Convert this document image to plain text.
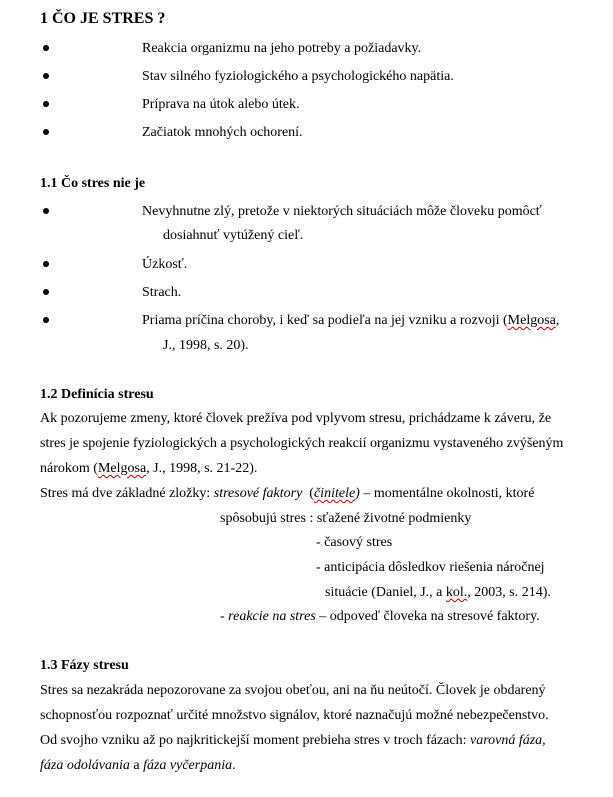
1 ČO JE STRES ?
Reakcia organizmu na jeho potreby a požiadavky.
Stav silného fyziologického a psychologického napätia.
Príprava na útok alebo útek.
Začiatok mnohých ochorení.
1.1 Čo stres nie je
Nevyhnutne zlý, pretože v niektorých situáciách môže človeku pomôcť
dosiahnuť vytúžený cieľ.
Úzkosť.
Strach.
Priama príčina choroby, i keď sa podieľa na jej vzniku a rozvoji (Melgosa,
J., 1998, s. 20).
1.2 Definícia stresu
Ak pozorujeme zmeny, ktoré človek prežíva pod vplyvom stresu, prichádzame k záveru, že
stres je spojenie fyziologických a psychologických reakcií organizmu vystaveného zvýšeným
nárokom (Melgosa, J., 1998, s. 21-22).
Stres má dve základné zložky: stresové faktory (činitele) – momentálne okolnosti, ktoré
spôsobujú stres : sťažené životné podmienky
- časový stres
- anticipácia dôsledkov riešenia náročnej
situácie (Daniel, J., a kol., 2003, s. 214).
- reakcie na stres – odpoveď človeka na stresové faktory.
1.3 Fázy stresu
Stres sa nezakráda nepozorovane za svojou obeťou, ani na ňu neútočí. Človek je obdarený
schopnosťou rozpoznať určité množstvo signálov, ktoré naznačujú možné nebezpečenstvo.
Od svojho vzniku až po najkritickejší moment prebieha stres v troch fázach: varovná fáza,
fáza odolávania a fáza vyčerpania.
